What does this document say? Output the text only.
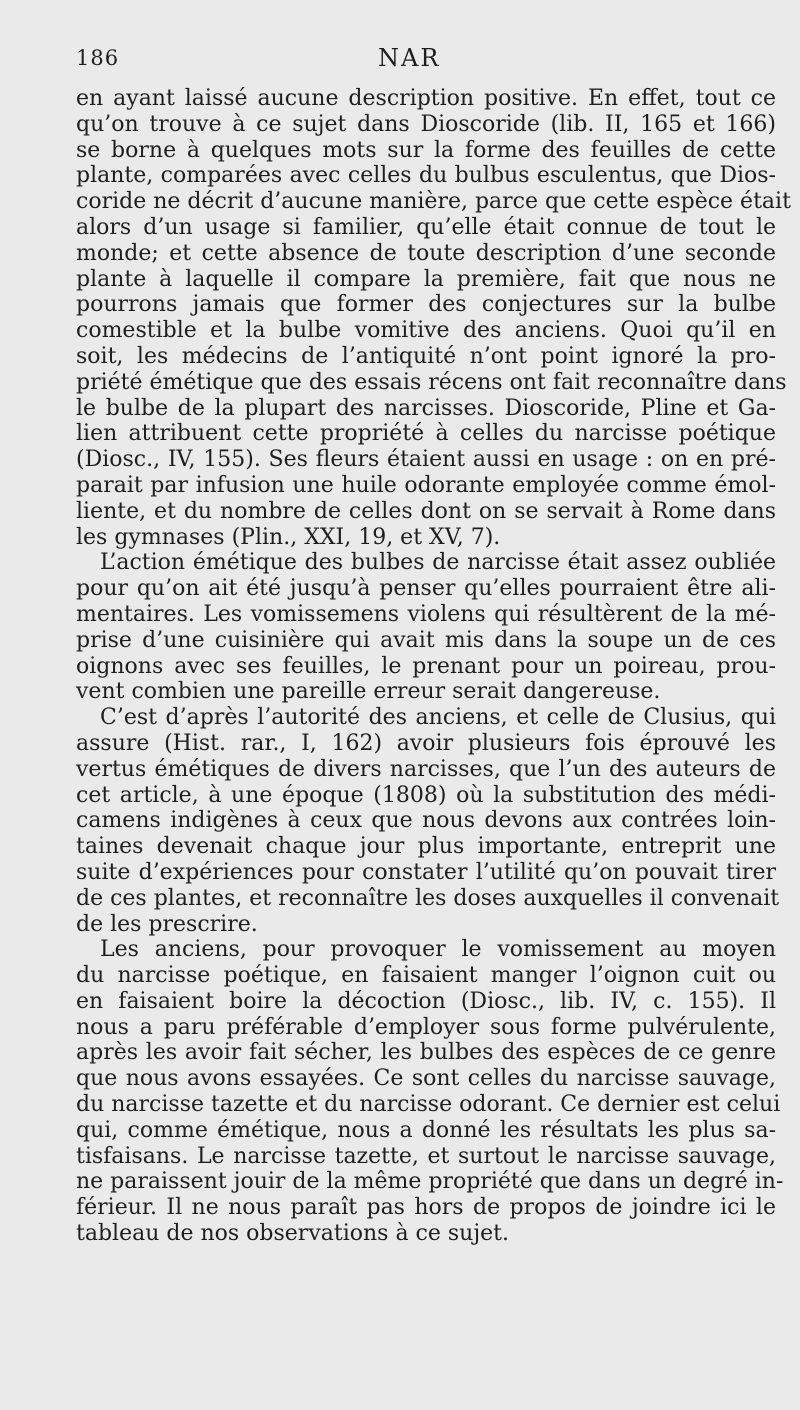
186	NAR

en ayant laissé aucune description positive. En effet, tout ce
qu’on trouve à ce sujet dans Dioscoride (lib. II, 165 et 166)
se borne à quelques mots sur la forme des feuilles de cette
plante, comparées avec celles du bulbus esculentus, que Dios-
coride ne décrit d’aucune manière, parce que cette espèce était
alors d’un usage si familier, qu’elle était connue de tout le
monde; et cette absence de toute description d’une seconde
plante à laquelle il compare la première, fait que nous ne
pourrons jamais que former des conjectures sur la bulbe
comestible et la bulbe vomitive des anciens. Quoi qu’il en
soit, les médecins de l’antiquité n’ont point ignoré la pro-
priété émétique que des essais récens ont fait reconnaître dans
le bulbe de la plupart des narcisses. Dioscoride, Pline et Ga-
lien attribuent cette propriété à celles du narcisse poétique
(Diosc., IV, 155). Ses fleurs étaient aussi en usage : on en pré-
parait par infusion une huile odorante employée comme émol-
liente, et du nombre de celles dont on se servait à Rome dans
les gymnases (Plin., XXI, 19, et XV, 7).

L’action émétique des bulbes de narcisse était assez oubliée
pour qu’on ait été jusqu’à penser qu’elles pourraient être ali-
mentaires. Les vomissemens violens qui résultèrent de la mé-
prise d’une cuisinière qui avait mis dans la soupe un de ces
oignons avec ses feuilles, le prenant pour un poireau, prou-
vent combien une pareille erreur serait dangereuse.

C’est d’après l’autorité des anciens, et celle de Clusius, qui
assure (Hist. rar., I, 162) avoir plusieurs fois éprouvé les
vertus émétiques de divers narcisses, que l’un des auteurs de
cet article, à une époque (1808) où la substitution des médi-
camens indigènes à ceux que nous devons aux contrées loin-
taines devenait chaque jour plus importante, entreprit une
suite d’expériences pour constater l’utilité qu’on pouvait tirer
de ces plantes, et reconnaître les doses auxquelles il convenait
de les prescrire.

Les anciens, pour provoquer le vomissement au moyen
du narcisse poétique, en faisaient manger l’oignon cuit ou
en faisaient boire la décoction (Diosc., lib. IV, c. 155). Il
nous a paru préférable d’employer sous forme pulvérulente,
après les avoir fait sécher, les bulbes des espèces de ce genre
que nous avons essayées. Ce sont celles du narcisse sauvage,
du narcisse tazette et du narcisse odorant. Ce dernier est celui
qui, comme émétique, nous a donné les résultats les plus sa-
tisfaisans. Le narcisse tazette, et surtout le narcisse sauvage,
ne paraissent jouir de la même propriété que dans un degré in-
férieur. Il ne nous paraît pas hors de propos de joindre ici le
tableau de nos observations à ce sujet.
